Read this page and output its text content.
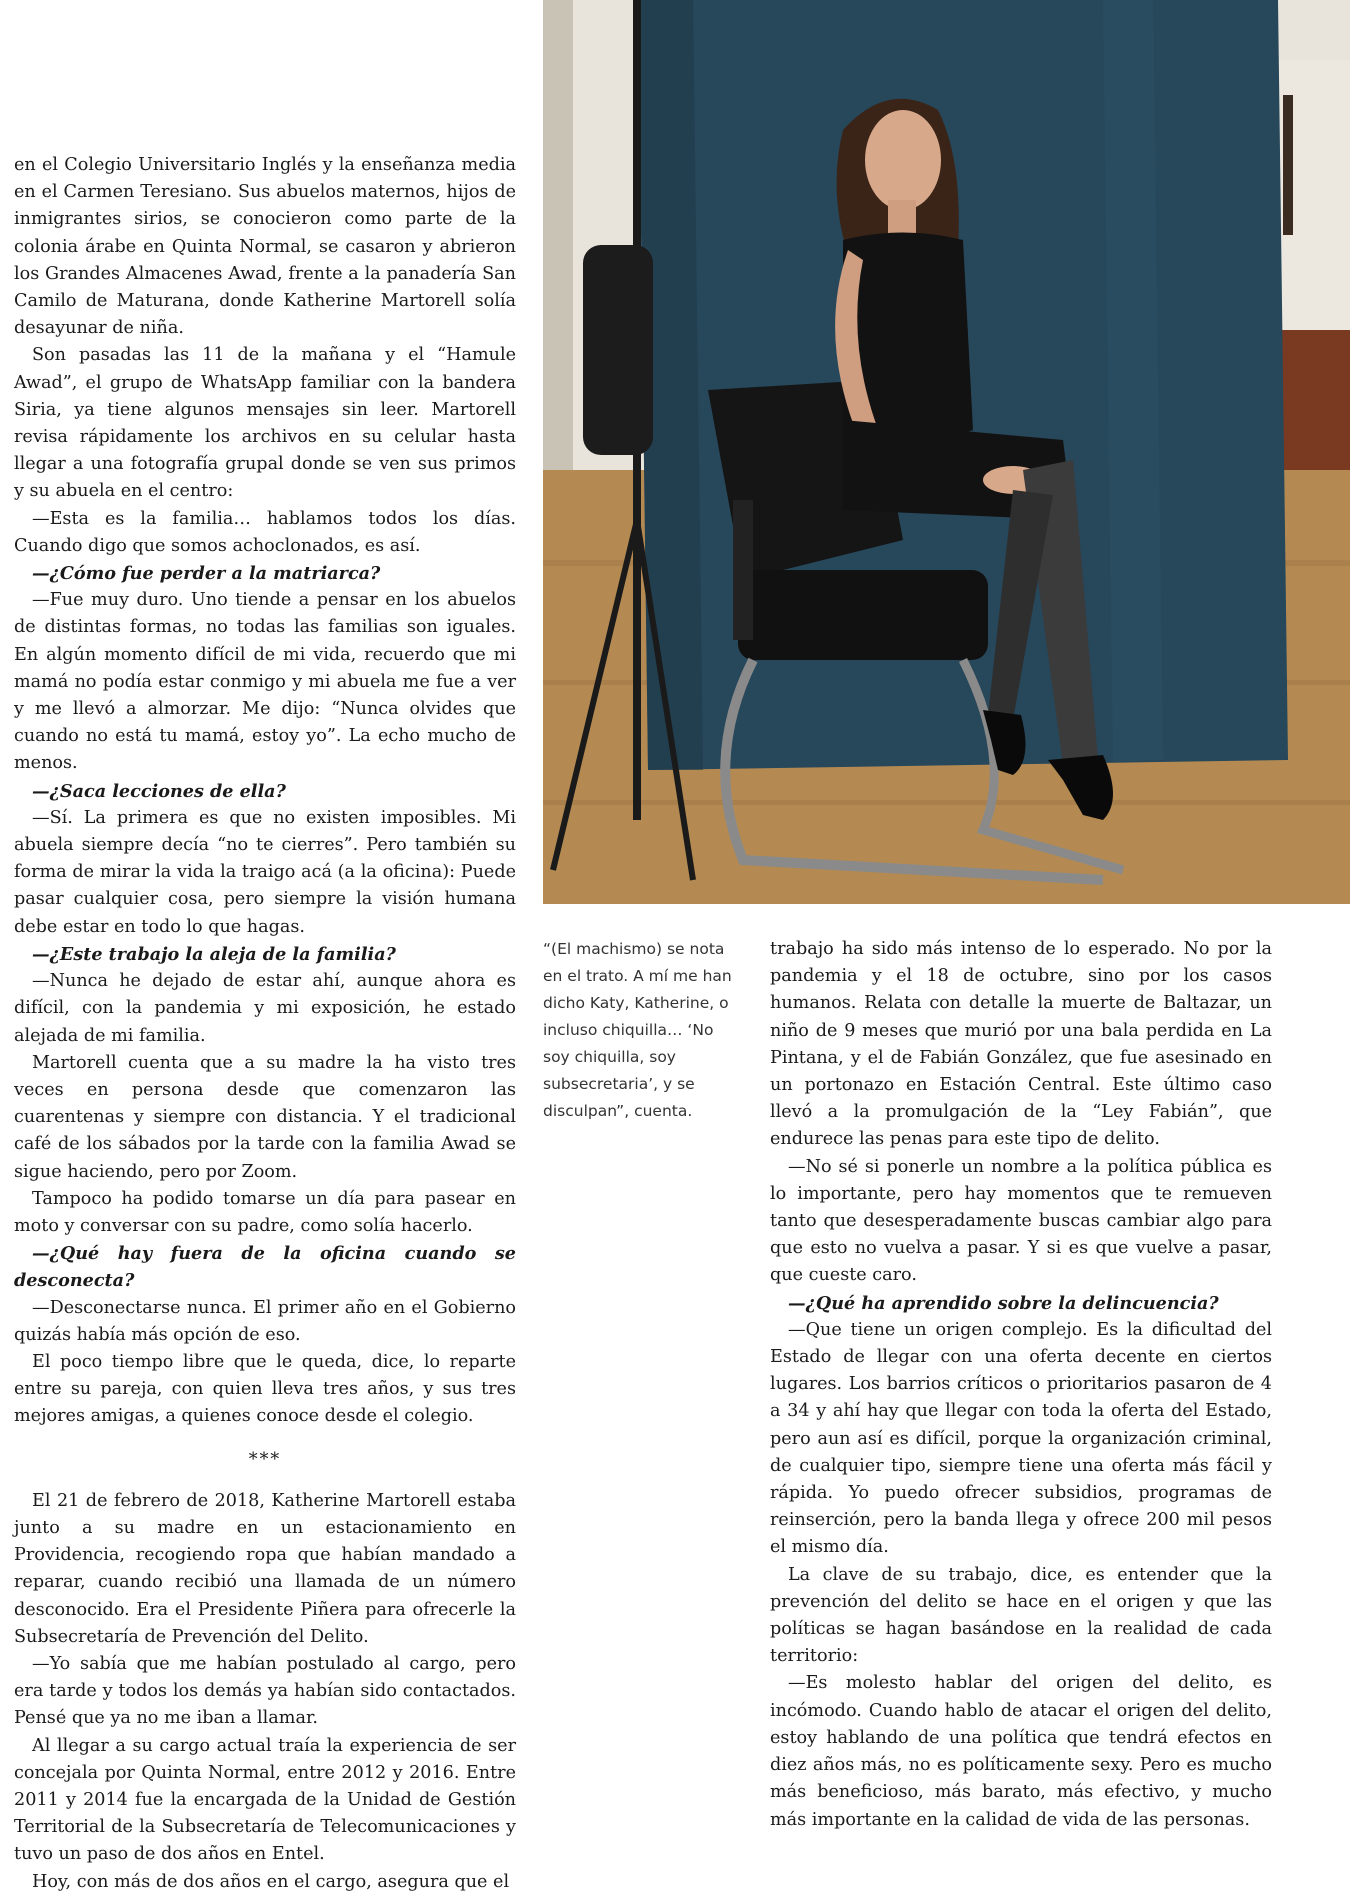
en el Colegio Universitario Inglés y la enseñanza media en el Carmen Teresiano. Sus abuelos maternos, hijos de inmigrantes sirios, se conocieron como parte de la colonia árabe en Quinta Normal, se casaron y abrieron los Grandes Almacenes Awad, frente a la panadería San Camilo de Maturana, donde Katherine Martorell solía desayunar de niña.

Son pasadas las 11 de la mañana y el “Hamule Awad”, el grupo de WhatsApp familiar con la bandera Siria, ya tiene algunos mensajes sin leer. Martorell revisa rápidamente los archivos en su celular hasta llegar a una fotografía grupal donde se ven sus primos y su abuela en el centro:

—Esta es la familia… hablamos todos los días. Cuando digo que somos achoclonados, es así.

—¿Cómo fue perder a la matriarca?

—Fue muy duro. Uno tiende a pensar en los abuelos de distintas formas, no todas las familias son iguales. En algún momento difícil de mi vida, recuerdo que mi mamá no podía estar conmigo y mi abuela me fue a ver y me llevó a almorzar. Me dijo: “Nunca olvides que cuando no está tu mamá, estoy yo”. La echo mucho de menos.

—¿Saca lecciones de ella?

—Sí. La primera es que no existen imposibles. Mi abuela siempre decía “no te cierres”. Pero también su forma de mirar la vida la traigo acá (a la oficina): Puede pasar cualquier cosa, pero siempre la visión humana debe estar en todo lo que hagas.

—¿Este trabajo la aleja de la familia?

—Nunca he dejado de estar ahí, aunque ahora es difícil, con la pandemia y mi exposición, he estado alejada de mi familia.

Martorell cuenta que a su madre la ha visto tres veces en persona desde que comenzaron las cuarentenas y siempre con distancia. Y el tradicional café de los sábados por la tarde con la familia Awad se sigue haciendo, pero por Zoom.

Tampoco ha podido tomarse un día para pasear en moto y conversar con su padre, como solía hacerlo.

—¿Qué hay fuera de la oficina cuando se desconecta?

—Desconectarse nunca. El primer año en el Gobierno quizás había más opción de eso.

El poco tiempo libre que le queda, dice, lo reparte entre su pareja, con quien lleva tres años, y sus tres mejores amigas, a quienes conoce desde el colegio.

***

El 21 de febrero de 2018, Katherine Martorell estaba junto a su madre en un estacionamiento en Providencia, recogiendo ropa que habían mandado a reparar, cuando recibió una llamada de un número desconocido. Era el Presidente Piñera para ofrecerle la Subsecretaría de Prevención del Delito.

—Yo sabía que me habían postulado al cargo, pero era tarde y todos los demás ya habían sido contactados. Pensé que ya no me iban a llamar.

Al llegar a su cargo actual traía la experiencia de ser concejala por Quinta Normal, entre 2012 y 2016. Entre 2011 y 2014 fue la encargada de la Unidad de Gestión Territorial de la Subsecretaría de Telecomunicaciones y tuvo un paso de dos años en Entel.

Hoy, con más de dos años en el cargo, asegura que el

“(El machismo) se nota en el trato. A mí me han dicho Katy, Katherine, o incluso chiquilla… ‘No soy chiquilla, soy subsecretaria’, y se disculpan”, cuenta.

trabajo ha sido más intenso de lo esperado. No por la pandemia y el 18 de octubre, sino por los casos humanos. Relata con detalle la muerte de Baltazar, un niño de 9 meses que murió por una bala perdida en La Pintana, y el de Fabián González, que fue asesinado en un portonazo en Estación Central. Este último caso llevó a la promulgación de la “Ley Fabián”, que endurece las penas para este tipo de delito.

—No sé si ponerle un nombre a la política pública es lo importante, pero hay momentos que te remueven tanto que desesperadamente buscas cambiar algo para que esto no vuelva a pasar. Y si es que vuelve a pasar, que cueste caro.

—¿Qué ha aprendido sobre la delincuencia?

—Que tiene un origen complejo. Es la dificultad del Estado de llegar con una oferta decente en ciertos lugares. Los barrios críticos o prioritarios pasaron de 4 a 34 y ahí hay que llegar con toda la oferta del Estado, pero aun así es difícil, porque la organización criminal, de cualquier tipo, siempre tiene una oferta más fácil y rápida. Yo puedo ofrecer subsidios, programas de reinserción, pero la banda llega y ofrece 200 mil pesos el mismo día.

La clave de su trabajo, dice, es entender que la prevención del delito se hace en el origen y que las políticas se hagan basándose en la realidad de cada territorio:

—Es molesto hablar del origen del delito, es incómodo. Cuando hablo de atacar el origen del delito, estoy hablando de una política que tendrá efectos en diez años más, no es políticamente sexy. Pero es mucho más beneficioso, más barato, más efectivo, y mucho más importante en la calidad de vida de las personas.
